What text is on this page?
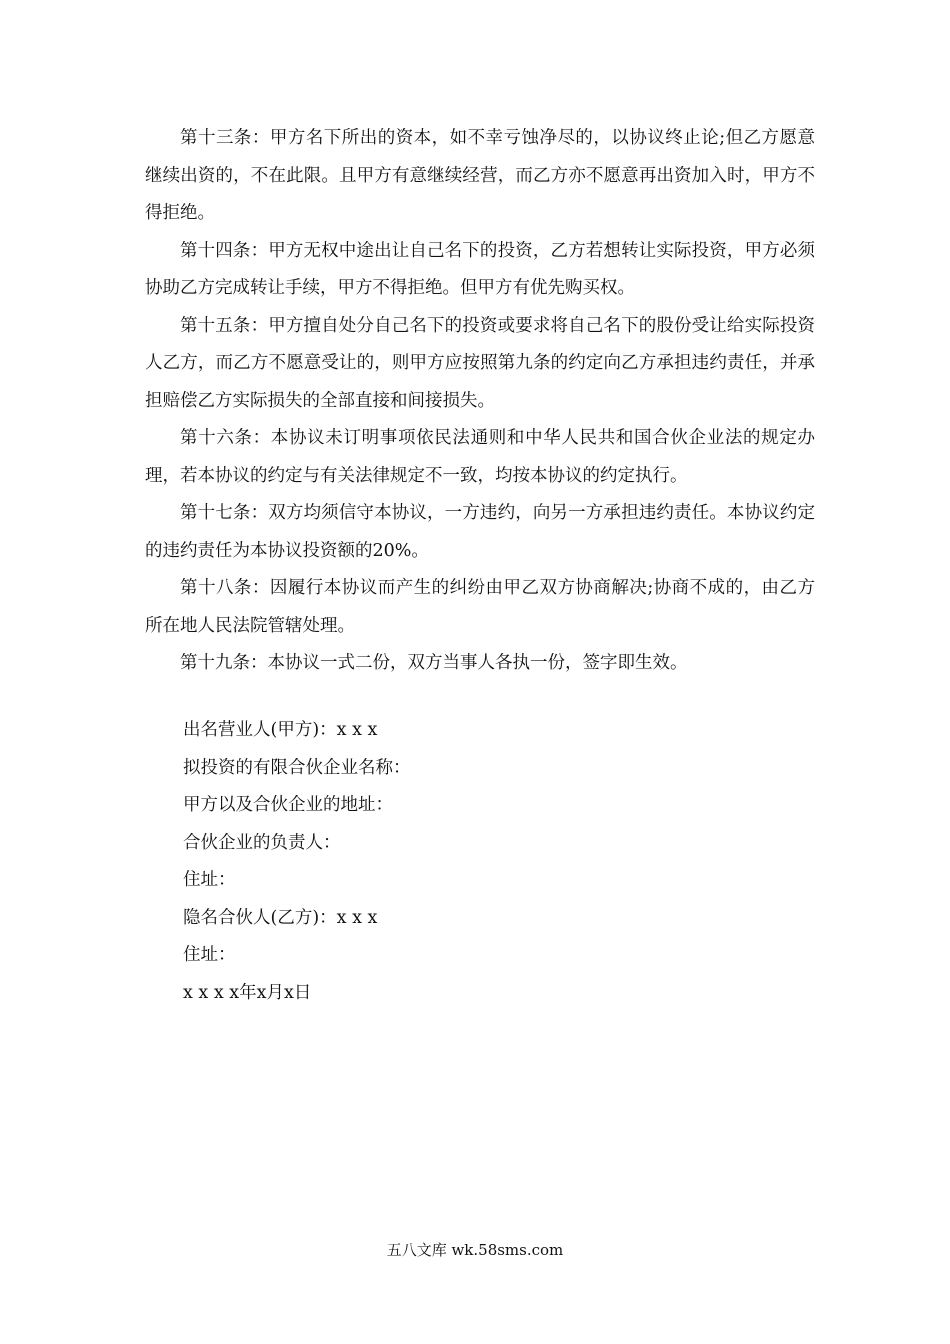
第十三条：甲方名下所出的资本，如不幸亏蚀净尽的，以协议终止论;但乙方愿意继续出资的，不在此限。且甲方有意继续经营，而乙方亦不愿意再出资加入时，甲方不得拒绝。

第十四条：甲方无权中途出让自己名下的投资，乙方若想转让实际投资，甲方必须协助乙方完成转让手续，甲方不得拒绝。但甲方有优先购买权。

第十五条：甲方擅自处分自己名下的投资或要求将自己名下的股份受让给实际投资人乙方，而乙方不愿意受让的，则甲方应按照第九条的约定向乙方承担违约责任，并承担赔偿乙方实际损失的全部直接和间接损失。

第十六条：本协议未订明事项依民法通则和中华人民共和国合伙企业法的规定办理，若本协议的约定与有关法律规定不一致，均按本协议的约定执行。

第十七条：双方均须信守本协议，一方违约，向另一方承担违约责任。本协议约定的违约责任为本协议投资额的20%。

第十八条：因履行本协议而产生的纠纷由甲乙双方协商解决;协商不成的，由乙方所在地人民法院管辖处理。

第十九条：本协议一式二份，双方当事人各执一份，签字即生效。

出名营业人(甲方)：x x x

拟投资的有限合伙企业名称：

甲方以及合伙企业的地址：

合伙企业的负责人：

住址：

隐名合伙人(乙方)：x x x

住址：

x x x x年x月x日

五八文库 wk.58sms.com
